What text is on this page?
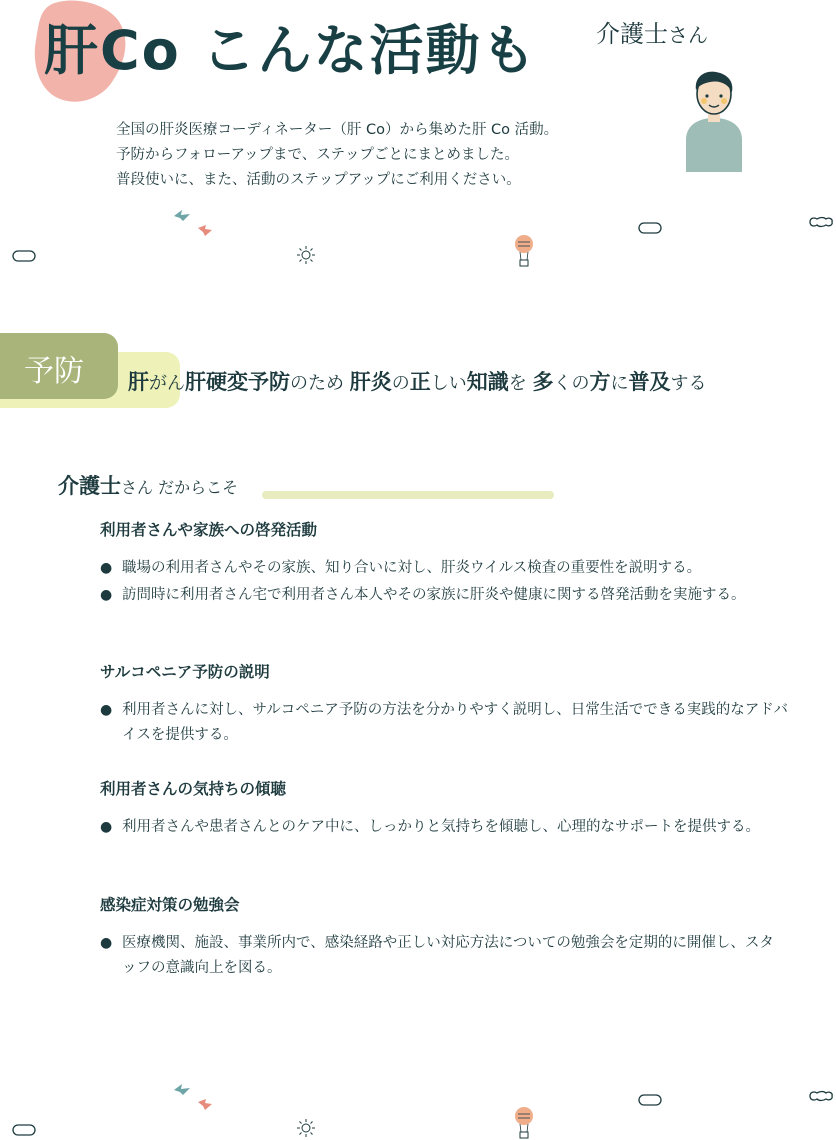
肝Co こんな活動も 介護士さん

全国の肝炎医療コーディネーター（肝 Co）から集めた肝 Co 活動。

予防からフォローアップまで、ステップごとにまとめました。

普段使いに、また、活動のステップアップにご利用ください。

予防 肝がん肝硬変予防のため 肝炎の正しい知識を 多くの方に普及する
介護士さん だからこそ
利用者さんや家族への啓発活動
● 職場の利用者さんやその家族、知り合いに対し、肝炎ウイルス検査の重要性を説明する。
● 訪問時に利用者さん宅で利用者さん本人やその家族に肝炎や健康に関する啓発活動を実施する。
サルコペニア予防の説明
● 利用者さんに対し、サルコペニア予防の方法を分かりやすく説明し、日常生活でできる実践的なアドバイスを提供する。
利用者さんの気持ちの傾聴
● 利用者さんや患者さんとのケア中に、しっかりと気持ちを傾聴し、心理的なサポートを提供する。
感染症対策の勉強会
● 医療機関、施設、事業所内で、感染経路や正しい対応方法についての勉強会を定期的に開催し、スタッフの意識向上を図る。
